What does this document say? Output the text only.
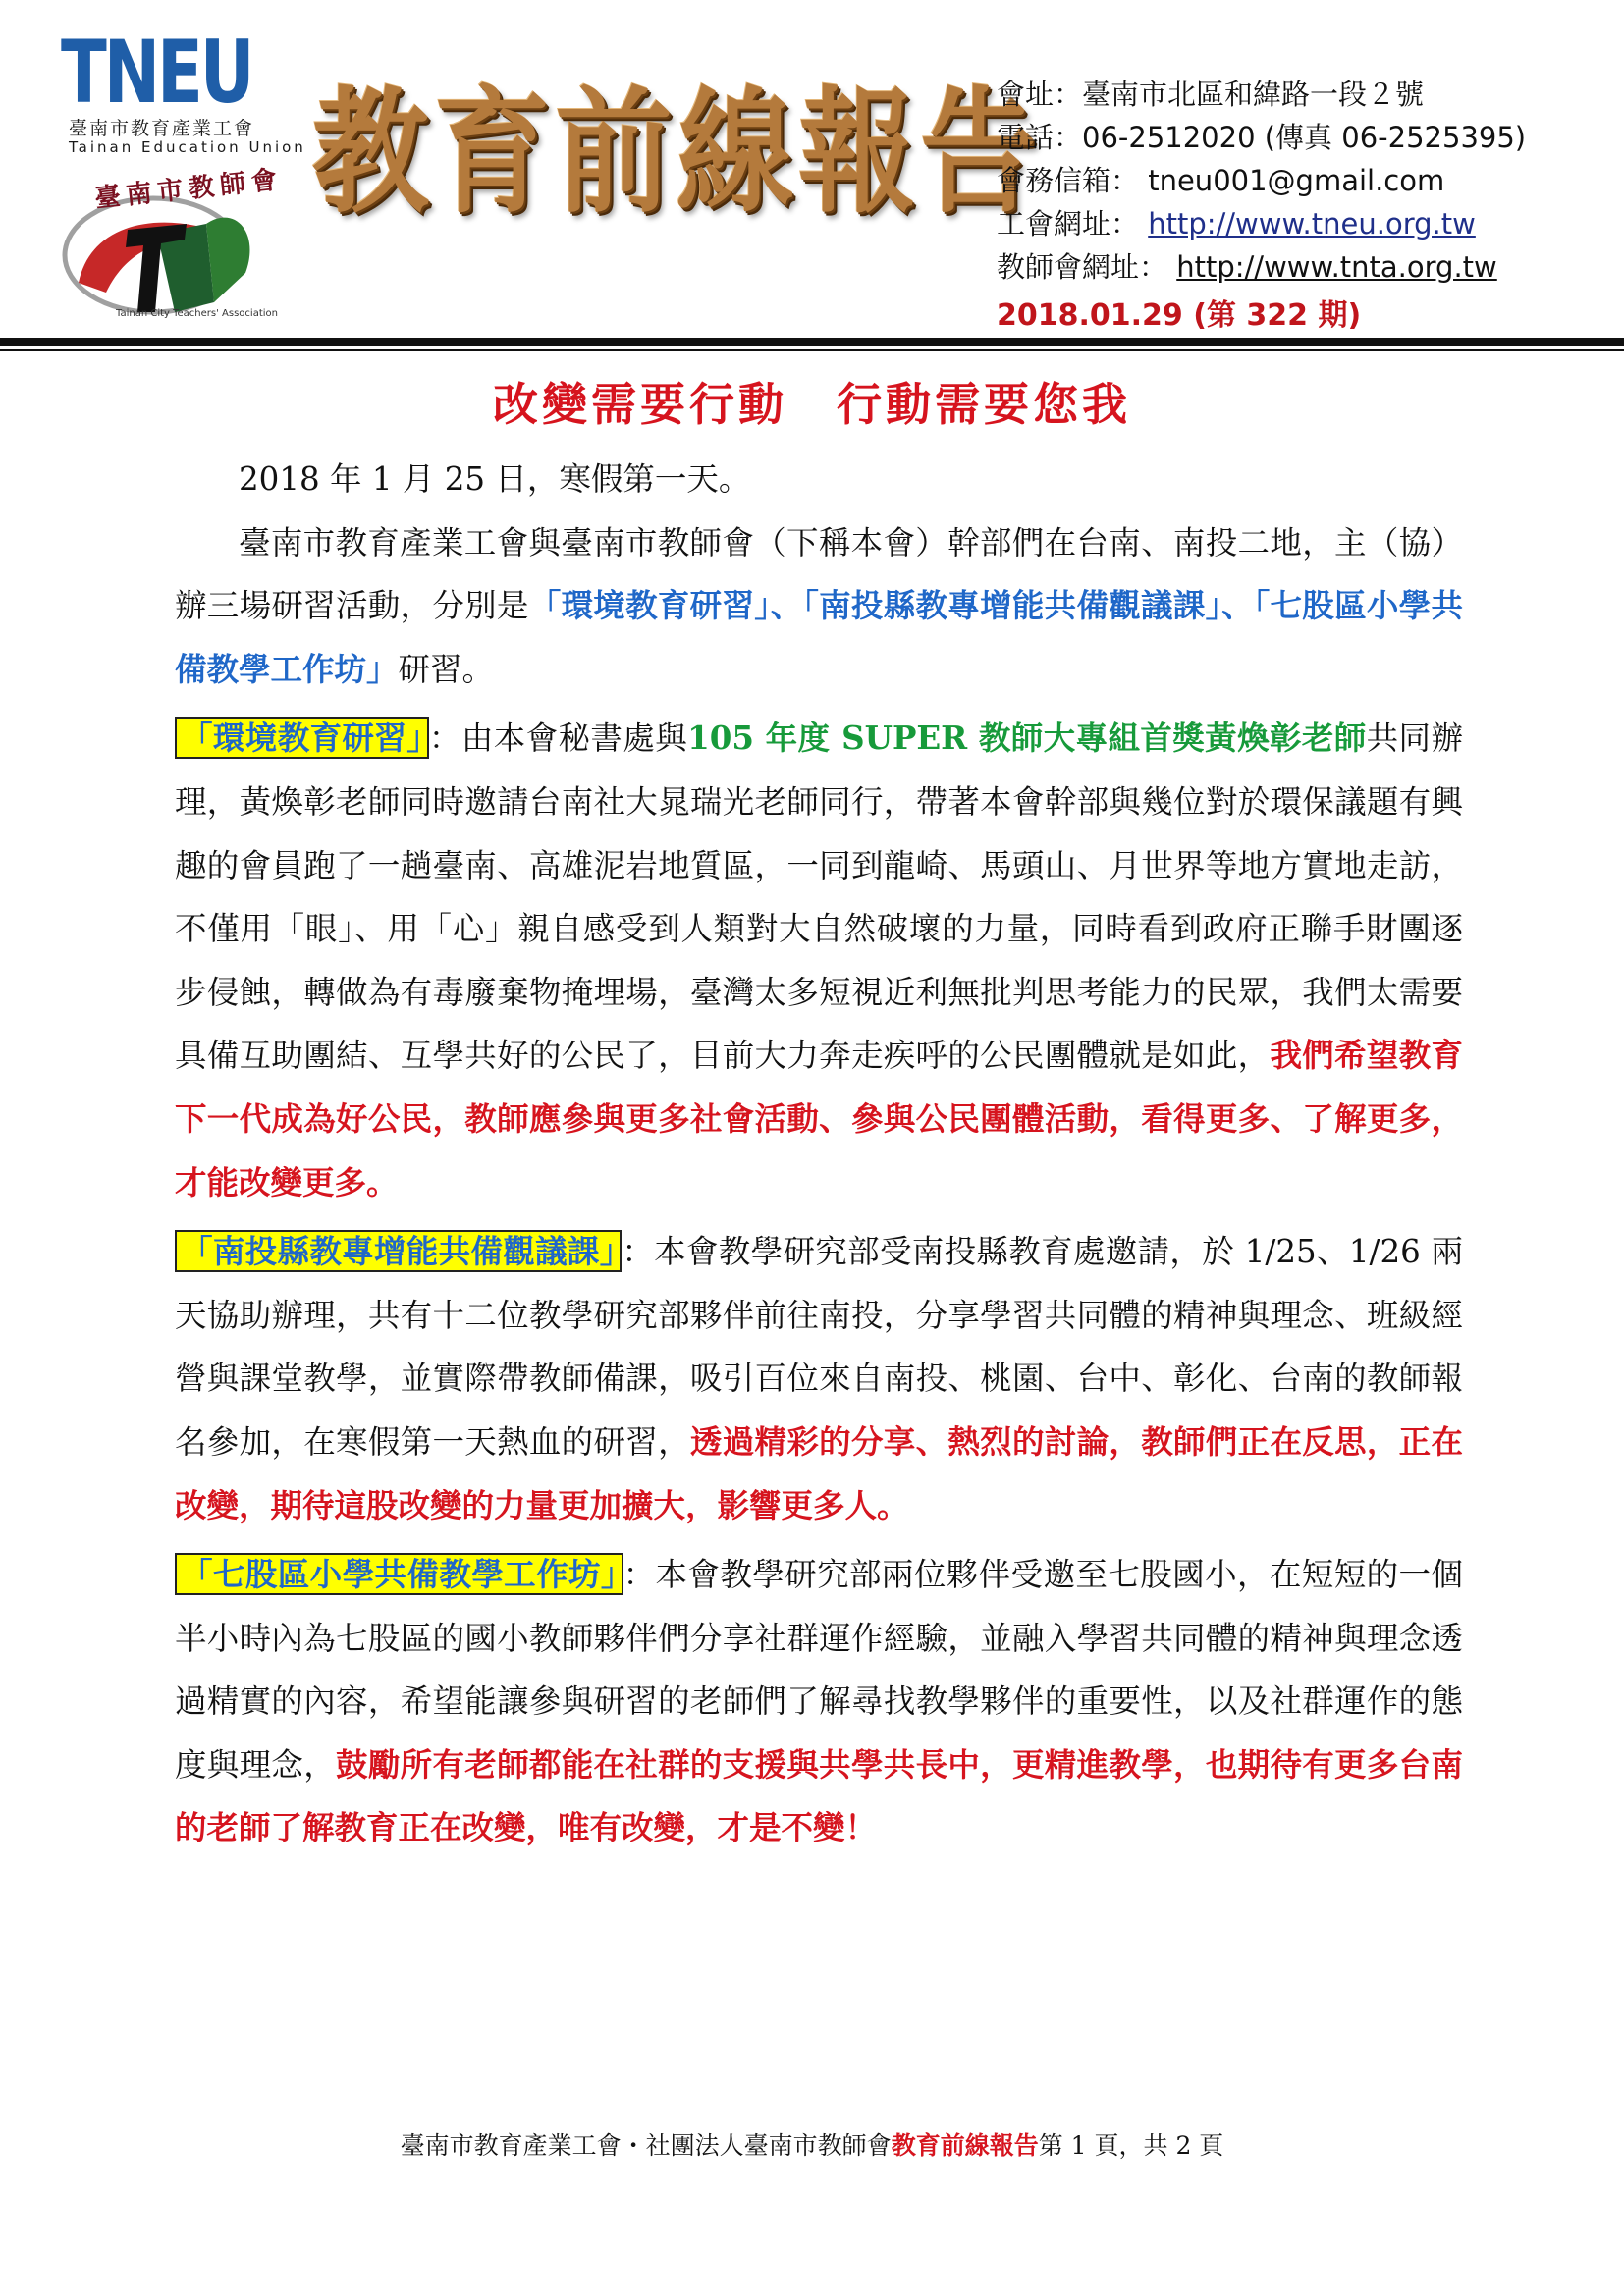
TNEU
臺南市教育產業工會
Tainan Education Union
臺南市教師會
Tainan City Teachers' Association
教育前線報告
會址：臺南市北區和緯路一段２號
電話：06-2512020 (傳真 06-2525395)
會務信箱： tneu001@gmail.com
工會網址： http://www.tneu.org.tw
教師會網址： http://www.tnta.org.tw
2018.01.29 (第 322 期)
改變需要行動　行動需要您我

2018 年 1 月 25 日，寒假第一天。

臺南市教育產業工會與臺南市教師會（下稱本會）幹部們在台南、南投二地，主（協）辦三場研習活動，分別是「環境教育研習」、「南投縣教專增能共備觀議課」、「七股區小學共備教學工作坊」研習。

「環境教育研習」 ：由本會秘書處與105 年度 SUPER 教師大專組首獎黃煥彰老師共同辦理，黃煥彰老師同時邀請台南社大晁瑞光老師同行，帶著本會幹部與幾位對於環保議題有興趣的會員跑了一趟臺南、高雄泥岩地質區，一同到龍崎、馬頭山、月世界等地方實地走訪，不僅用「眼」、用「心」親自感受到人類對大自然破壞的力量，同時看到政府正聯手財團逐步侵蝕，轉做為有毒廢棄物掩埋場，臺灣太多短視近利無批判思考能力的民眾，我們太需要具備互助團結、互學共好的公民了，目前大力奔走疾呼的公民團體就是如此，我們希望教育下一代成為好公民，教師應參與更多社會活動、參與公民團體活動，看得更多、了解更多，才能改變更多。

「南投縣教專增能共備觀議課」 ：本會教學研究部受南投縣教育處邀請，於 1/25、1/26 兩天協助辦理，共有十二位教學研究部夥伴前往南投，分享學習共同體的精神與理念、班級經營與課堂教學，並實際帶教師備課，吸引百位來自南投、桃園、台中、彰化、台南的教師報名參加，在寒假第一天熱血的研習，透過精彩的分享、熱烈的討論，教師們正在反思，正在改變，期待這股改變的力量更加擴大，影響更多人。

「七股區小學共備教學工作坊」 ：本會教學研究部兩位夥伴受邀至七股國小，在短短的一個半小時內為七股區的國小教師夥伴們分享社群運作經驗，並融入學習共同體的精神與理念透過精實的內容，希望能讓參與研習的老師們了解尋找教學夥伴的重要性，以及社群運作的態度與理念，鼓勵所有老師都能在社群的支援與共學共長中，更精進教學，也期待有更多台南的老師了解教育正在改變，唯有改變，才是不變！

臺南市教育產業工會・社團法人臺南市教師會教育前線報告第 1 頁，共 2 頁
